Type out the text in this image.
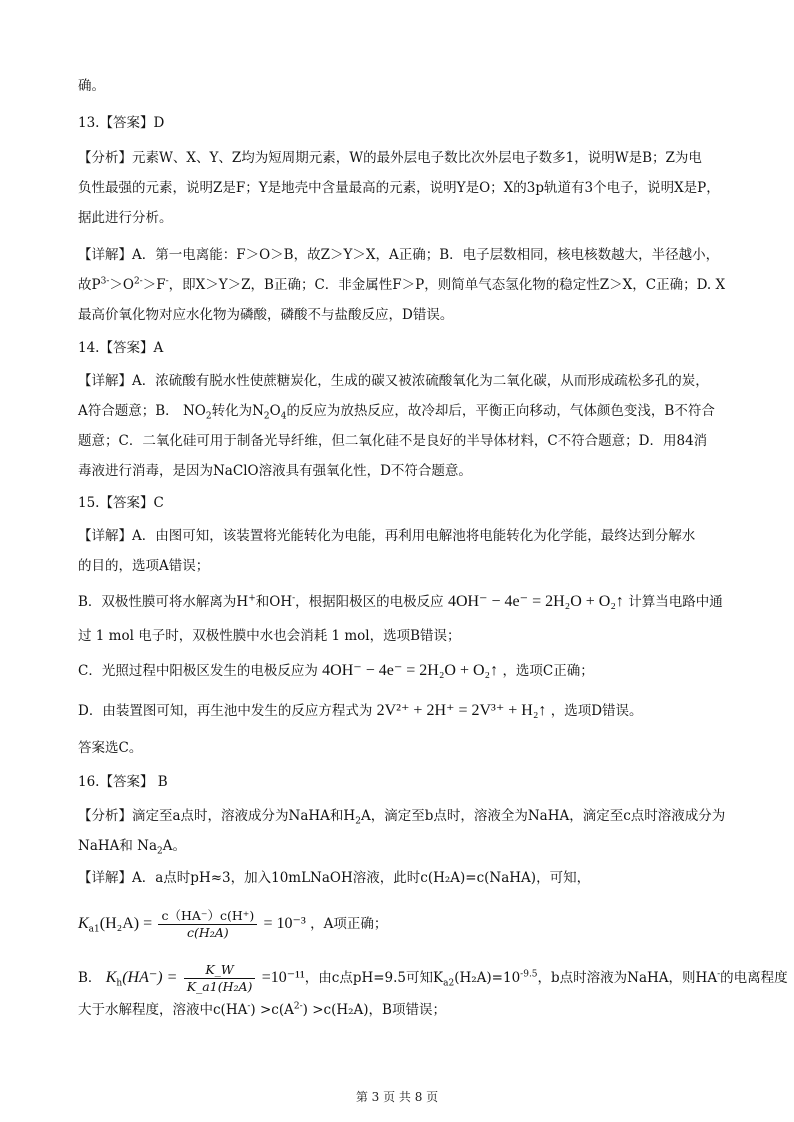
确。
13.【答案】D
【分析】元素W、X、Y、Z均为短周期元素，W的最外层电子数比次外层电子数多1，说明W是B；Z为电
负性最强的元素，说明Z是F；Y是地壳中含量最高的元素，说明Y是O；X的3p轨道有3个电子，说明X是P，
据此进行分析。
【详解】A．第一电离能：F＞O＞B，故Z＞Y＞X，A正确；B．电子层数相同，核电核数越大，半径越小，
故$P^{3-}>O^{2-}>F^-$，即X＞Y＞Z，B正确；C．非金属性F＞P，则简单气态氢化物的稳定性Z＞X，C正确；D. X
最高价氧化物对应水化物为磷酸，磷酸不与盐酸反应，D错误。
14.【答案】A
【详解】A．浓硫酸有脱水性使蔗糖炭化，生成的碳又被浓硫酸氧化为二氧化碳，从而形成疏松多孔的炭，
A符合题意；B． $NO_2$转化为$N_2O_4$的反应为放热反应，故冷却后，平衡正向移动，气体颜色变浅，B不符合
题意；C．二氧化硅可用于制备光导纤维，但二氧化硅不是良好的半导体材料，C不符合题意；D．用84消
毒液进行消毒，是因为NaClO溶液具有强氧化性，D不符合题意。
15.【答案】C
【详解】A．由图可知，该装置将光能转化为电能，再利用电解池将电能转化为化学能，最终达到分解水
的目的，选项A错误；
B．双极性膜可将水解离为H+和OH-，根据阳极区的电极反应 4OH⁻ − 4e⁻ = 2H₂O + O₂↑ 计算当电路中通
过 1 mol 电子时，双极性膜中水也会消耗 1 mol，选项B错误；
C．光照过程中阳极区发生的电极反应为 4OH⁻ − 4e⁻ = 2H₂O + O₂↑ ，选项C正确；
D．由装置图可知，再生池中发生的反应方程式为 2V²⁺ + 2H⁺ = 2V³⁺ + H₂↑ ，选项D错误。
答案选C。
16.【答案】 B
【分析】滴定至a点时，溶液成分为NaHA和$H_2A$，滴定至b点时，溶液全为NaHA，滴定至c点时溶液成分为
NaHA和 $Na_2A$。
【详解】A．a点时pH≈3，加入10mLNaOH溶液，此时c(H₂A)=c(NaHA)，可知，
$K_{a1}(H_2A) = \frac{c(HA^-)c(H^+)}{\text{c(H₂A)}} = 10^{-3}$ ，A项正确；
B． $K_h(HA^-) = \frac{K\_W}{\text{K\_a1(H₂A)}} =10^{-11}$，由c点pH=9.5可知$K_{a2}(H_2A)=10^{-9.5}$，b点时溶液为NaHA，则HA-的电离程度
大于水解程度，溶液中$c(HA^-) >c(A^{2-}) >c(H_2A)$，B项错误；
第 3 页 共 8 页
